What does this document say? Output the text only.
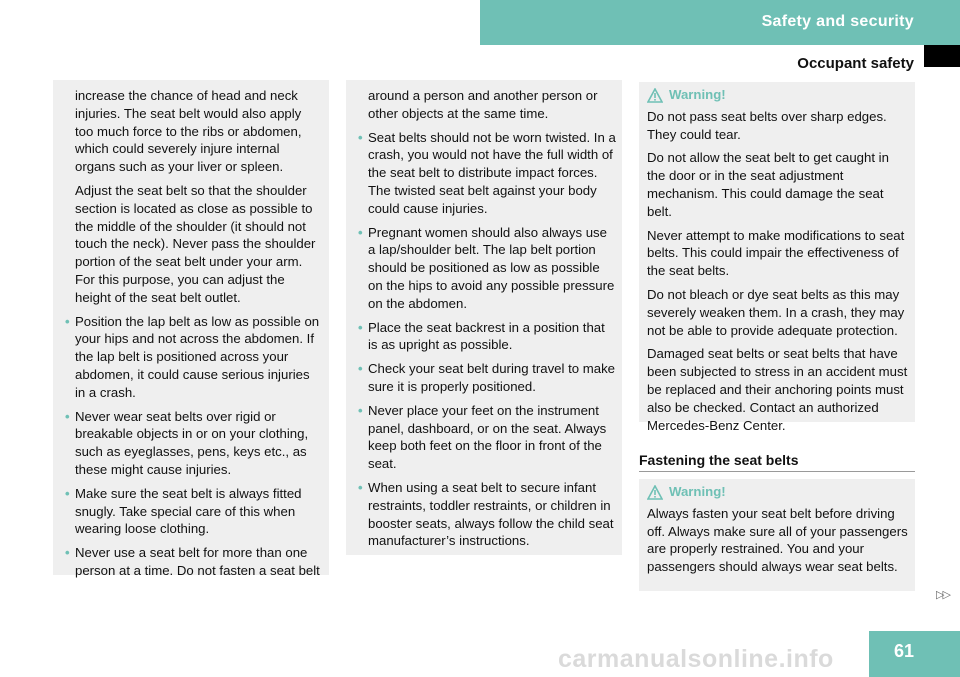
Safety and security
Occupant safety

increase the chance of head and neck injuries. The seat belt would also apply too much force to the ribs or abdomen, which could severely injure internal organs such as your liver or spleen.

Adjust the seat belt so that the shoulder section is located as close as possible to the middle of the shoulder (it should not touch the neck). Never pass the shoulder portion of the seat belt under your arm. For this purpose, you can adjust the height of the seat belt outlet.

• Position the lap belt as low as possible on your hips and not across the abdomen. If the lap belt is positioned across your abdomen, it could cause serious injuries in a crash.
• Never wear seat belts over rigid or breakable objects in or on your clothing, such as eyeglasses, pens, keys etc., as these might cause injuries.
• Make sure the seat belt is always fitted snugly. Take special care of this when wearing loose clothing.
• Never use a seat belt for more than one person at a time. Do not fasten a seat belt

around a person and another person or other objects at the same time.

• Seat belts should not be worn twisted. In a crash, you would not have the full width of the seat belt to distribute impact forces. The twisted seat belt against your body could cause injuries.
• Pregnant women should also always use a lap/shoulder belt. The lap belt portion should be positioned as low as possible on the hips to avoid any possible pressure on the abdomen.
• Place the seat backrest in a position that is as upright as possible.
• Check your seat belt during travel to make sure it is properly positioned.
• Never place your feet on the instrument panel, dashboard, or on the seat. Always keep both feet on the floor in front of the seat.
• When using a seat belt to secure infant restraints, toddler restraints, or children in booster seats, always follow the child seat manufacturer’s instructions.
Warning!

Do not pass seat belts over sharp edges. They could tear.

Do not allow the seat belt to get caught in the door or in the seat adjustment mechanism. This could damage the seat belt.

Never attempt to make modifications to seat belts. This could impair the effectiveness of the seat belts.

Do not bleach or dye seat belts as this may severely weaken them. In a crash, they may not be able to provide adequate protection.

Damaged seat belts or seat belts that have been subjected to stress in an accident must be replaced and their anchoring points must also be checked. Contact an authorized Mercedes-Benz Center.

Fastening the seat belts
Warning!

Always fasten your seat belt before driving off. Always make sure all of your passengers are properly restrained. You and your passengers should always wear seat belts.

▷▷
61
carmanualsonline.info
